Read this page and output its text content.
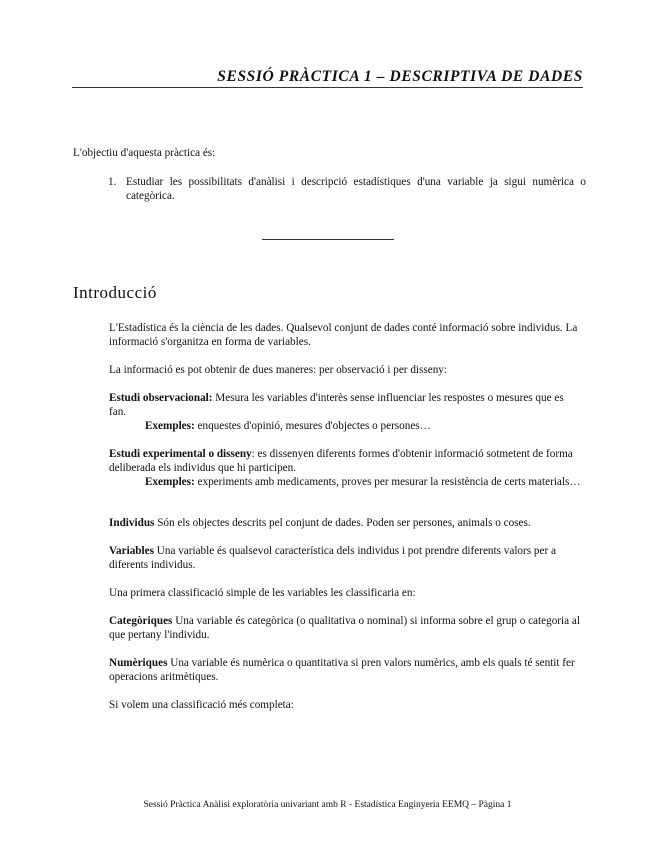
SESSIÓ PRÀCTICA 1 – DESCRIPTIVA DE DADES

L'objectiu d'aquesta pràctica és:

1. Estudiar les possibilitats d'anàlisi i descripció estadístiques d'una variable ja sigui numèrica o categòrica.

Introducció

L'Estadística és la ciència de les dades. Qualsevol conjunt de dades conté informació sobre individus. La informació s'organitza en forma de variables.

La informació es pot obtenir de dues maneres: per observació i per disseny:

Estudi observacional: Mesura les variables d'interès sense influenciar les respostes o mesures que es fan.

Exemples: enquestes d'opinió, mesures d'objectes o persones…

Estudi experimental o disseny: es dissenyen diferents formes d'obtenir informació sotmetent de forma deliberada els individus que hi participen.

Exemples: experiments amb medicaments, proves per mesurar la resistència de certs materials…

Individus Són els objectes descrits pel conjunt de dades. Poden ser persones, animals o coses.

Variables Una variable és qualsevol característica dels individus i pot prendre diferents valors per a diferents individus.

Una primera classificació simple de les variables les classificaria en:

Categòriques Una variable és categòrica (o qualitativa o nominal) si informa sobre el grup o categoria al que pertany l'individu.

Numèriques Una variable és numèrica o quantitativa si pren valors numèrics, amb els quals té sentit fer operacions aritmètiques.

Si volem una classificació més completa:

Sessió Pràctica Anàlisi exploratòria univariant amb R - Estadística Enginyeria EEMQ – Pàgina 1
